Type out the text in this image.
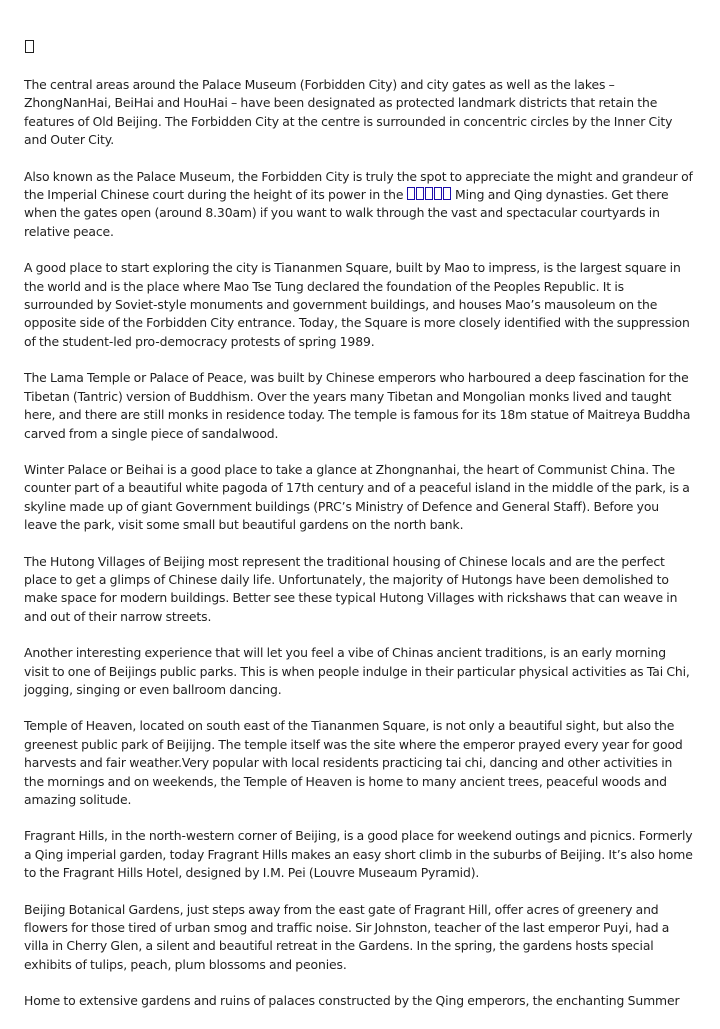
The central areas around the Palace Museum (Forbidden City) and city gates as well as the lakes – ZhongNanHai, BeiHai and HouHai – have been designated as protected landmark districts that retain the features of Old Beijing. The Forbidden City at the centre is surrounded in concentric circles by the Inner City and Outer City.

Also known as the Palace Museum, the Forbidden City is truly the spot to appreciate the might and grandeur of the Imperial Chinese court during the height of its power in the	Ming and Qing dynasties. Get there when the gates open (around 8.30am) if you want to walk through the vast and spectacular courtyards in relative peace.

A good place to start exploring the city is Tiananmen Square, built by Mao to impress, is the largest square in the world and is the place where Mao Tse Tung declared the foundation of the Peoples Republic. It is surrounded by Soviet-style monuments and government buildings, and houses Mao’s mausoleum on the opposite side of the Forbidden City entrance. Today, the Square is more closely identified with the suppression of the student-led pro-democracy protests of spring 1989.

The Lama Temple or Palace of Peace, was built by Chinese emperors who harboured a deep fascination for the Tibetan (Tantric) version of Buddhism. Over the years many Tibetan and Mongolian monks lived and taught here, and there are still monks in residence today. The temple is famous for its 18m statue of Maitreya Buddha carved from a single piece of sandalwood.

Winter Palace or Beihai is a good place to take a glance at Zhongnanhai, the heart of Communist China. The counter part of a beautiful white pagoda of 17th century and of a peaceful island in the middle of the park, is a skyline made up of giant Government buildings (PRC’s Ministry of Defence and General Staff). Before you leave the park, visit some small but beautiful gardens on the north bank.

The Hutong Villages of Beijing most represent the traditional housing of Chinese locals and are the perfect place to get a glimps of Chinese daily life. Unfortunately, the majority of Hutongs have been demolished to make space for modern buildings. Better see these typical Hutong Villages with rickshaws that can weave in and out of their narrow streets.

Another interesting experience that will let you feel a vibe of Chinas ancient traditions, is an early morning visit to one of Beijings public parks. This is when people indulge in their particular physical activities as Tai Chi, jogging, singing or even ballroom dancing.

Temple of Heaven, located on south east of the Tiananmen Square, is not only a beautiful sight, but also the greenest public park of Beijijng. The temple itself was the site where the emperor prayed every year for good harvests and fair weather.Very popular with local residents practicing tai chi, dancing and other activities in the mornings and on weekends, the Temple of Heaven is home to many ancient trees, peaceful woods and amazing solitude.

Fragrant Hills, in the north-western corner of Beijing, is a good place for weekend outings and picnics. Formerly a Qing imperial garden, today Fragrant Hills makes an easy short climb in the suburbs of Beijing. It’s also home to the Fragrant Hills Hotel, designed by I.M. Pei (Louvre Museaum Pyramid).

Beijing Botanical Gardens, just steps away from the east gate of Fragrant Hill, offer acres of greenery and flowers for those tired of urban smog and traffic noise. Sir Johnston, teacher of the last emperor Puyi, had a villa in Cherry Glen, a silent and beautiful retreat in the Gardens. In the spring, the gardens hosts special exhibits of tulips, peach, plum blossoms and peonies.

Home to extensive gardens and ruins of palaces constructed by the Qing emperors, the enchanting Summer
